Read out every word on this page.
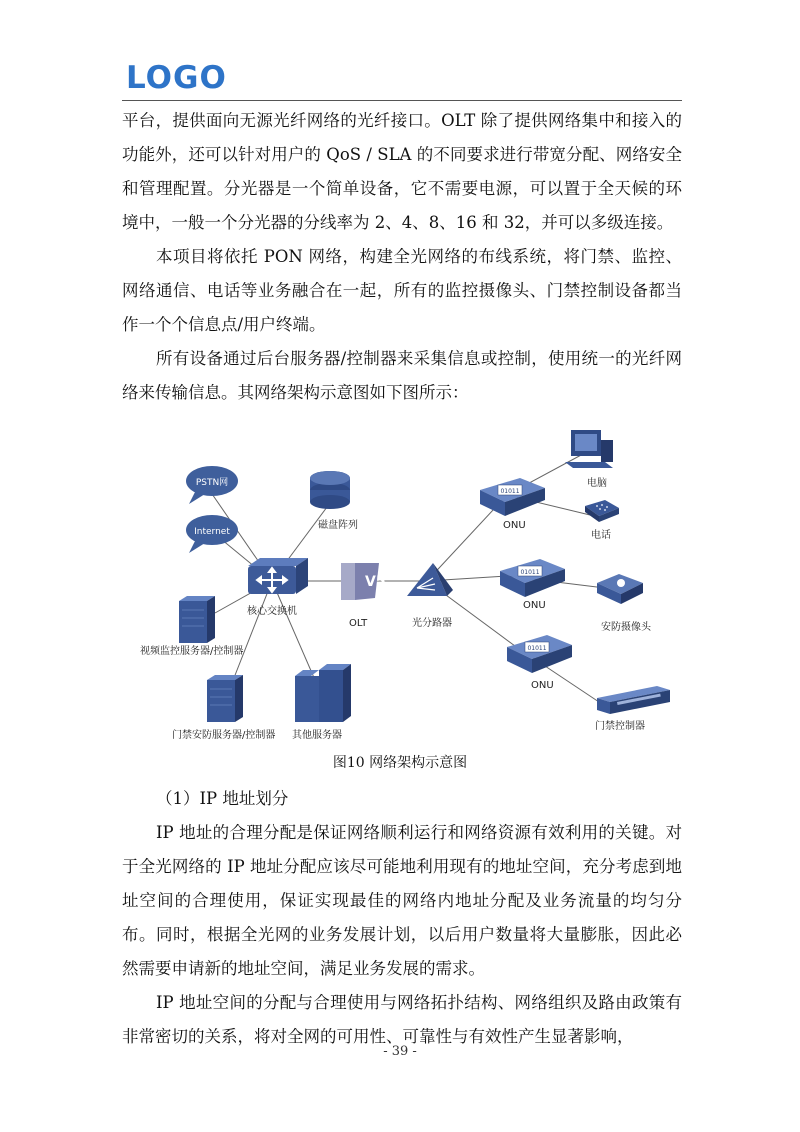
LOGO

平台，提供面向无源光纤网络的光纤接口。OLT 除了提供网络集中和接入的功能外，还可以针对用户的 QoS / SLA 的不同要求进行带宽分配、网络安全和管理配置。分光器是一个简单设备，它不需要电源，可以置于全天候的环境中，一般一个分光器的分线率为 2、4、8、16 和 32，并可以多级连接。

本项目将依托 PON 网络，构建全光网络的布线系统，将门禁、监控、网络通信、电话等业务融合在一起，所有的监控摄像头、门禁控制设备都当作一个个信息点/用户终端。

所有设备通过后台服务器/控制器来采集信息或控制，使用统一的光纤网络来传输信息。其网络架构示意图如下图所示：

PSTN网
Internet
磁盘阵列
核心交换机
V5
OLT	光分路器
视频监控服务器/控制器
门禁安防服务器/控制器 其他服务器
01011
ONU
01011
ONU
01011
ONU
电脑
电话
安防摄像头
门禁控制器
图10 网络架构示意图

（1）IP 地址划分

IP 地址的合理分配是保证网络顺利运行和网络资源有效利用的关键。对于全光网络的 IP 地址分配应该尽可能地利用现有的地址空间，充分考虑到地址空间的合理使用，保证实现最佳的网络内地址分配及业务流量的均匀分布。同时，根据全光网的业务发展计划，以后用户数量将大量膨胀，因此必然需要申请新的地址空间，满足业务发展的需求。

IP 地址空间的分配与合理使用与网络拓扑结构、网络组织及路由政策有非常密切的关系，将对全网的可用性、可靠性与有效性产生显著影响，

- 39 -
